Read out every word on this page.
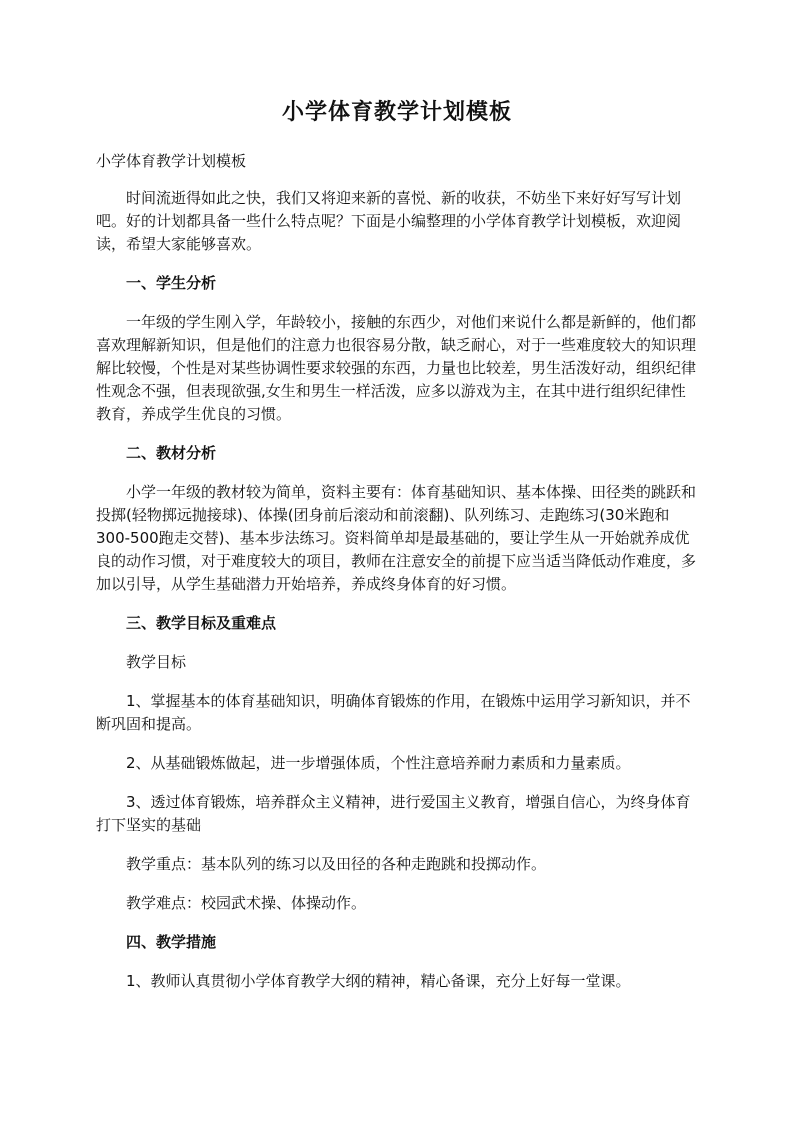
小学体育教学计划模板

小学体育教学计划模板

时间流逝得如此之快，我们又将迎来新的喜悦、新的收获，不妨坐下来好好写写计划吧。好的计划都具备一些什么特点呢？下面是小编整理的小学体育教学计划模板，欢迎阅读，希望大家能够喜欢。

一、学生分析

一年级的学生刚入学，年龄较小，接触的东西少，对他们来说什么都是新鲜的，他们都喜欢理解新知识，但是他们的注意力也很容易分散，缺乏耐心，对于一些难度较大的知识理解比较慢，个性是对某些协调性要求较强的东西，力量也比较差，男生活泼好动，组织纪律性观念不强，但表现欲强,女生和男生一样活泼，应多以游戏为主，在其中进行组织纪律性教育，养成学生优良的习惯。

二、教材分析

小学一年级的教材较为简单，资料主要有：体育基础知识、基本体操、田径类的跳跃和投掷(轻物掷远抛接球)、体操(团身前后滚动和前滚翻)、队列练习、走跑练习(30米跑和300-500跑走交替)、基本步法练习。资料简单却是最基础的，要让学生从一开始就养成优良的动作习惯，对于难度较大的项目，教师在注意安全的前提下应当适当降低动作难度，多加以引导，从学生基础潜力开始培养，养成终身体育的好习惯。

三、教学目标及重难点

教学目标

1、掌握基本的体育基础知识，明确体育锻炼的作用，在锻炼中运用学习新知识，并不断巩固和提高。

2、从基础锻炼做起，进一步增强体质，个性注意培养耐力素质和力量素质。

3、透过体育锻炼，培养群众主义精神，进行爱国主义教育，增强自信心，为终身体育打下坚实的基础

教学重点：基本队列的练习以及田径的各种走跑跳和投掷动作。

教学难点：校园武术操、体操动作。

四、教学措施

1、教师认真贯彻小学体育教学大纲的精神，精心备课，充分上好每一堂课。
